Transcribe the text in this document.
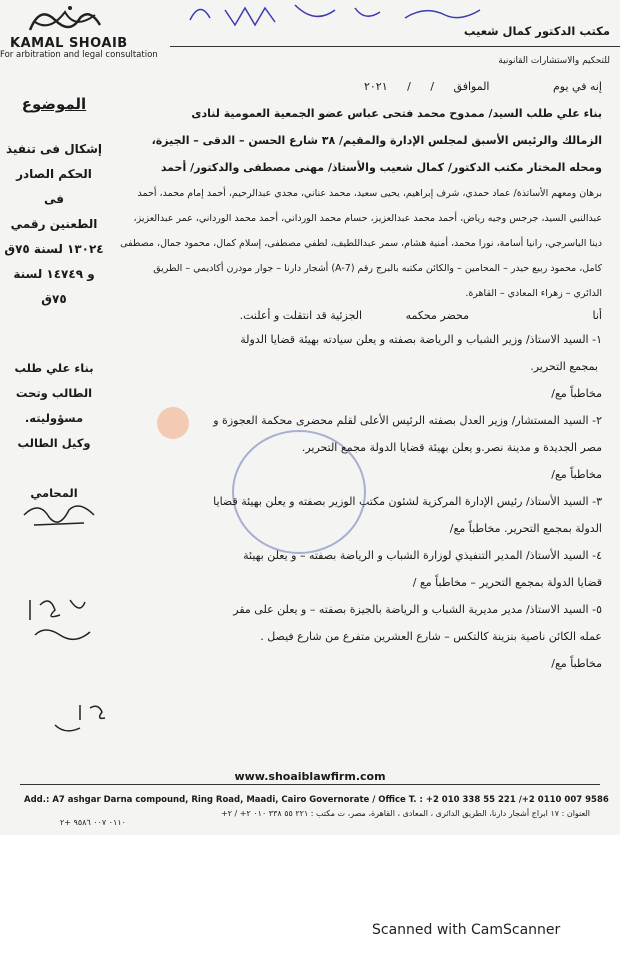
KAMAL SHOAIB
For arbitration and legal consultation
مكتب الدكتور كمال شعيب
للتحكيم والاستشارات القانونية
الموضوع
إشكال فى تنفيذ
الحكم الصادر فى
الطعنين رقمي
١٣٠٢٤ لسنة ٧٥ق
و ١٤٧٤٩ لسنة
٧٥ق
بناء علي طلب
الطالب وتحت
مسؤوليته.
وكيل الطالب
المحامي
إنه في يوم الموافق / / ٢٠٢١
بناء علي طلب السيد/ ممدوح محمد فتحى عباس عضو الجمعية العمومية لنادى
الزمالك والرئيس الأسبق لمجلس الإدارة والمقيم/ ٣٨ شارع الحسن – الدقى – الجيزة،
ومحله المختار مكتب الدكتور/ كمال شعيب والأستاذ/ مهنى مصطفى والدكتور/ أحمد
برهان ومعهم الأساتذة/ عماد حمدي، شرف إبراهيم، يحيى سعيد، محمد عناني، مجدي عبدالرحيم، أحمد إمام محمد، أحمد
عبدالنبي السيد، جرجس وجيه رياض، أحمد محمد عبدالعزيز، حسام محمد الورداني، أحمد محمد الورداني، عمر عبدالعزيز،
دينا الياسرجي، رانيا أسامة، نورا محمد، أمنية هشام، سمر عبداللطيف، لطفي مصطفى، إسلام كمال، محمود جمال، مصطفى
كامل، محمود ربيع حيدر – المحامين – والكائن مكتبه بالبرج رقم (A-7) أشجار دارنا – جوار مودرن أكاديمي – الطريق
الدائري – زهراء المعادي – القاهرة.
أنا محضر محكمه الجزئية قد انتقلت و أعلنت.
١- السيد الاستاذ/ وزير الشباب و الرياضة بصفته و يعلن سيادته بهيئة قضايا الدولة
بمجمع التحرير.
مخاطباً مع/
٢- السيد المستشار/ وزير العدل بصفته الرئيس الأعلى لقلم محضرى محكمة العجوزة و
مصر الجديدة و مدينة نصر.و يعلن بهيئة قضايا الدولة مجمع التحرير.
مخاطباً مع/
٣- السيد الأستاذ/ رئيس الإدارة المركزية لشئون مكتب الوزير بصفته و يعلن بهيئة قضايا
الدولة بمجمع التحرير. مخاطباً مع/
٤- السيد الأستاذ/ المدير التنفيذي لوزارة الشباب و الرياضة بصفته – و يعلن بهيئة
قضايا الدولة بمجمع التحرير – مخاطباً مع /
٥- السيد الاستاذ/ مدير مديرية الشباب و الرياضة بالجيزة بصفته – و يعلن على مقر
عمله الكائن ناصية بنزينة كالتكس – شارع العشرين متفرع من شارع فيصل .
مخاطباً مع/
www.shoaiblawfirm.com
Add.: A7 ashgar Darna compound, Ring Road, Maadi, Cairo Governorate / Office T. : +2 010 338 55 221 /+2 0110 007 9586
العنوان : ١٧ ابراج أشجار دارنا، الطريق الدائرى ، المعادى ، القاهرة، مصر، ت مكتب : ٢٢١ ٥٥ ٣٣٨ ٠١٠ ٢+ / ٢+
٠١١٠ ٠٠٧ ٩٥٨٦ +٢
Scanned with CamScanner
